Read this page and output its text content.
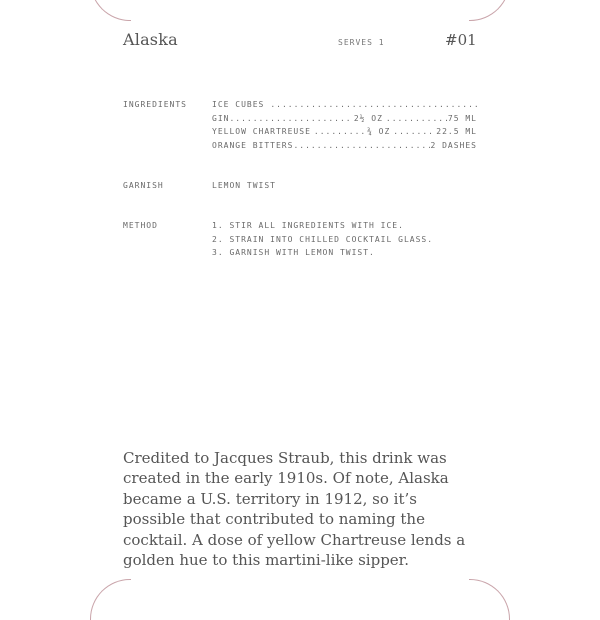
Alaska	SERVES 1	#01
INGREDIENTS	ICE CUBES
.....
GIN .....	2½ OZ .....	75 ML
YELLOW CHARTREUSE .....	¾ OZ .....	22.5 ML
ORANGE BITTERS .....	2 DASHES
GARNISH	LEMON TWIST
METHOD	1. STIR ALL INGREDIENTS WITH ICE.
2. STRAIN INTO CHILLED COCKTAIL GLASS.
3. GARNISH WITH LEMON TWIST.
Credited to Jacques Straub, this drink was created in the early 1910s. Of note, Alaska became a U.S. territory in 1912, so it’s possible that contributed to naming the cocktail. A dose of yellow Chartreuse lends a golden hue to this martini-like sipper.
